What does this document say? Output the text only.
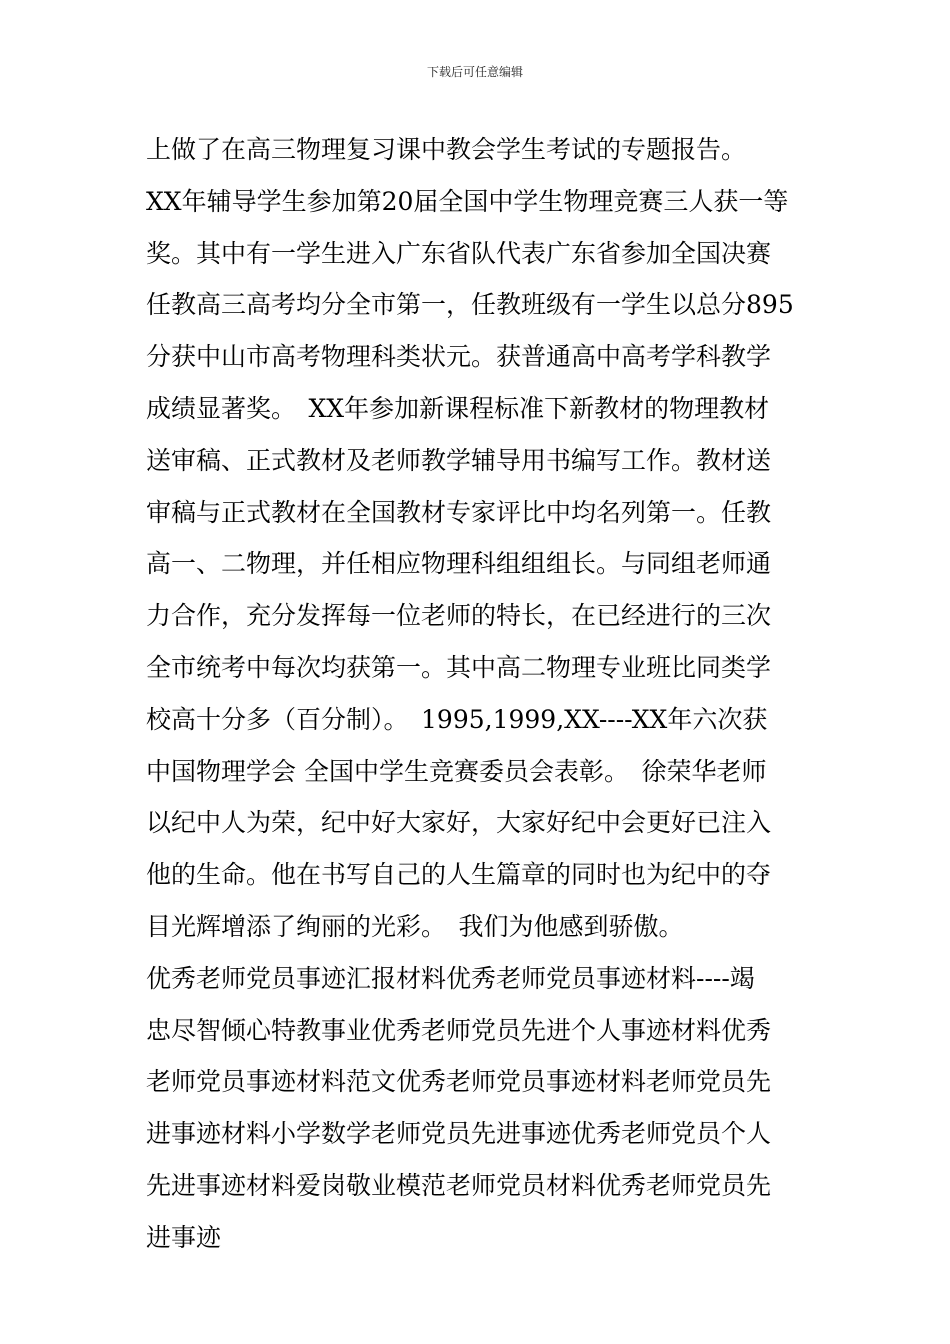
下载后可任意编辑
上做了在高三物理复习课中教会学生考试的专题报告。
XX年辅导学生参加第20届全国中学生物理竞赛三人获一等
奖。其中有一学生进入广东省队代表广东省参加全国决赛
任教高三高考均分全市第一，任教班级有一学生以总分895
分获中山市高考物理科类状元。获普通高中高考学科教学
成绩显著奖。　XX年参加新课程标准下新教材的物理教材
送审稿、正式教材及老师教学辅导用书编写工作。教材送
审稿与正式教材在全国教材专家评比中均名列第一。任教
高一、二物理，并任相应物理科组组组长。与同组老师通
力合作，充分发挥每一位老师的特长，在已经进行的三次
全市统考中每次均获第一。其中高二物理专业班比同类学
校高十分多（百分制）。　1995,1999,XX----XX年六次获
中国物理学会 全国中学生竞赛委员会表彰。　徐荣华老师
以纪中人为荣，纪中好大家好，大家好纪中会更好已注入
他的生命。他在书写自己的人生篇章的同时也为纪中的夺
目光辉增添了绚丽的光彩。　我们为他感到骄傲。
优秀老师党员事迹汇报材料优秀老师党员事迹材料----竭
忠尽智倾心特教事业优秀老师党员先进个人事迹材料优秀
老师党员事迹材料范文优秀老师党员事迹材料老师党员先
进事迹材料小学数学老师党员先进事迹优秀老师党员个人
先进事迹材料爱岗敬业模范老师党员材料优秀老师党员先
进事迹
